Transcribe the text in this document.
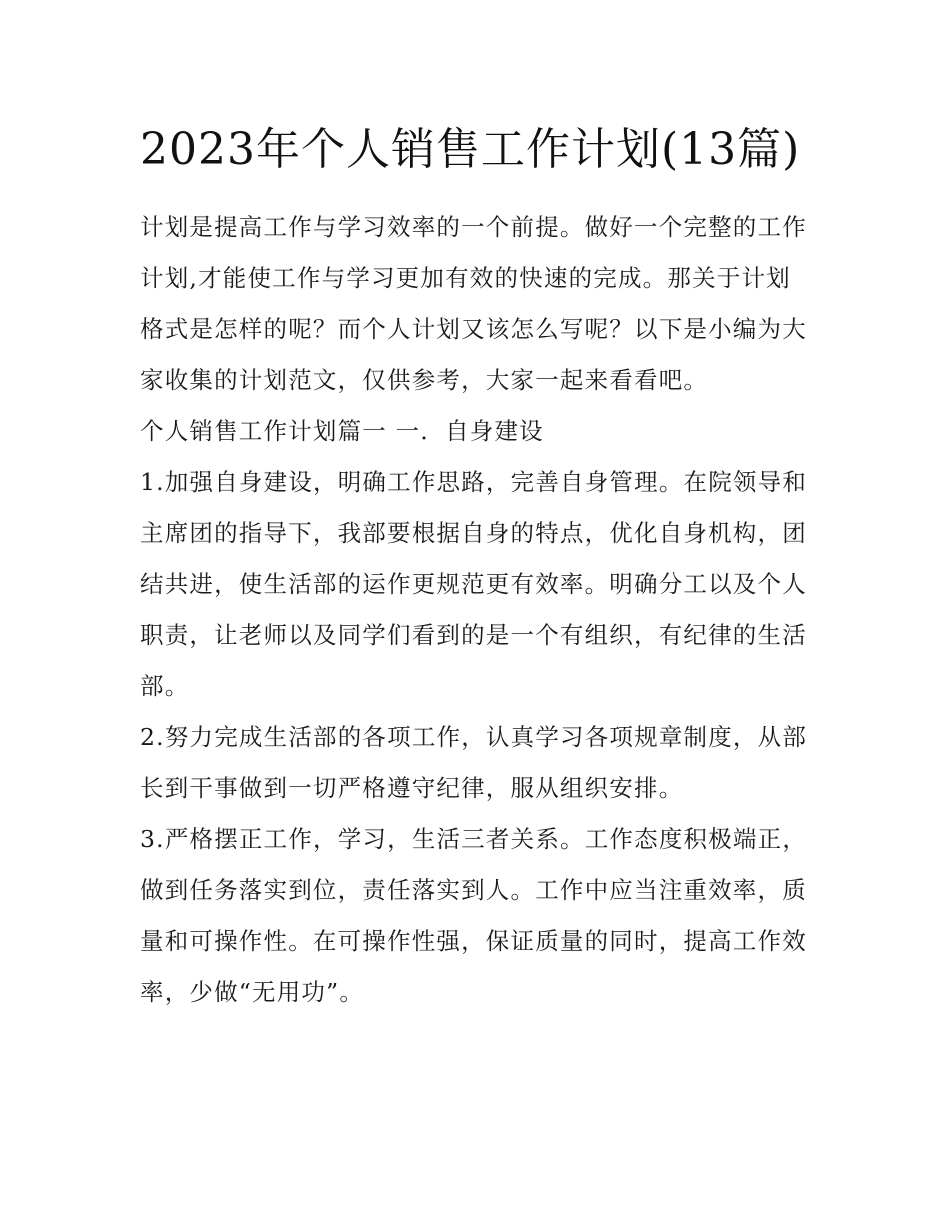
2023年个人销售工作计划(13篇)

计划是提高工作与学习效率的一个前提。做好一个完整的工作计划,才能使工作与学习更加有效的快速的完成。那关于计划格式是怎样的呢？而个人计划又该怎么写呢？以下是小编为大家收集的计划范文，仅供参考，大家一起来看看吧。

个人销售工作计划篇一 一．自身建设

1.加强自身建设，明确工作思路，完善自身管理。在院领导和主席团的指导下，我部要根据自身的特点，优化自身机构，团结共进，使生活部的运作更规范更有效率。明确分工以及个人职责，让老师以及同学们看到的是一个有组织，有纪律的生活部。

2.努力完成生活部的各项工作，认真学习各项规章制度，从部长到干事做到一切严格遵守纪律，服从组织安排。

3.严格摆正工作，学习，生活三者关系。工作态度积极端正，做到任务落实到位，责任落实到人。工作中应当注重效率，质量和可操作性。在可操作性强，保证质量的同时，提高工作效率，少做“无用功”。
